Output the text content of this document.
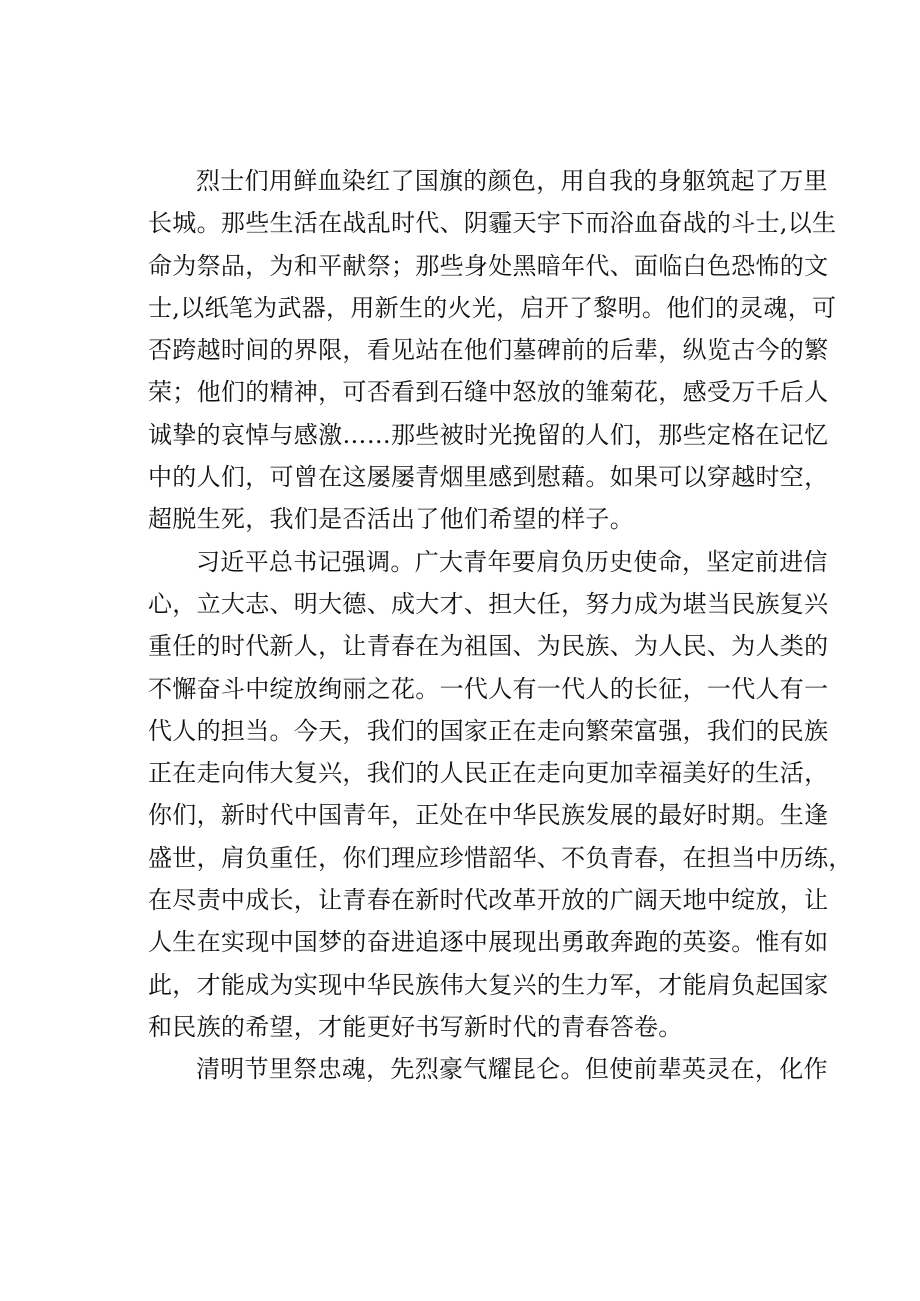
烈士们用鲜血染红了国旗的颜色，用自我的身躯筑起了万里
长城。那些生活在战乱时代、阴霾天宇下而浴血奋战的斗士,以生
命为祭品，为和平献祭；那些身处黑暗年代、面临白色恐怖的文
士,以纸笔为武器，用新生的火光，启开了黎明。他们的灵魂，可
否跨越时间的界限，看见站在他们墓碑前的后辈，纵览古今的繁
荣；他们的精神，可否看到石缝中怒放的雏菊花，感受万千后人
诚挚的哀悼与感激……那些被时光挽留的人们，那些定格在记忆
中的人们，可曾在这屡屡青烟里感到慰藉。如果可以穿越时空，
超脱生死，我们是否活出了他们希望的样子。

习近平总书记强调。广大青年要肩负历史使命，坚定前进信
心，立大志、明大德、成大才、担大任，努力成为堪当民族复兴
重任的时代新人，让青春在为祖国、为民族、为人民、为人类的
不懈奋斗中绽放绚丽之花。一代人有一代人的长征，一代人有一
代人的担当。今天，我们的国家正在走向繁荣富强，我们的民族
正在走向伟大复兴，我们的人民正在走向更加幸福美好的生活，
你们，新时代中国青年，正处在中华民族发展的最好时期。生逢
盛世，肩负重任，你们理应珍惜韶华、不负青春，在担当中历练，
在尽责中成长，让青春在新时代改革开放的广阔天地中绽放，让
人生在实现中国梦的奋进追逐中展现出勇敢奔跑的英姿。惟有如
此，才能成为实现中华民族伟大复兴的生力军，才能肩负起国家
和民族的希望，才能更好书写新时代的青春答卷。

清明节里祭忠魂，先烈豪气耀昆仑。但使前辈英灵在，化作
